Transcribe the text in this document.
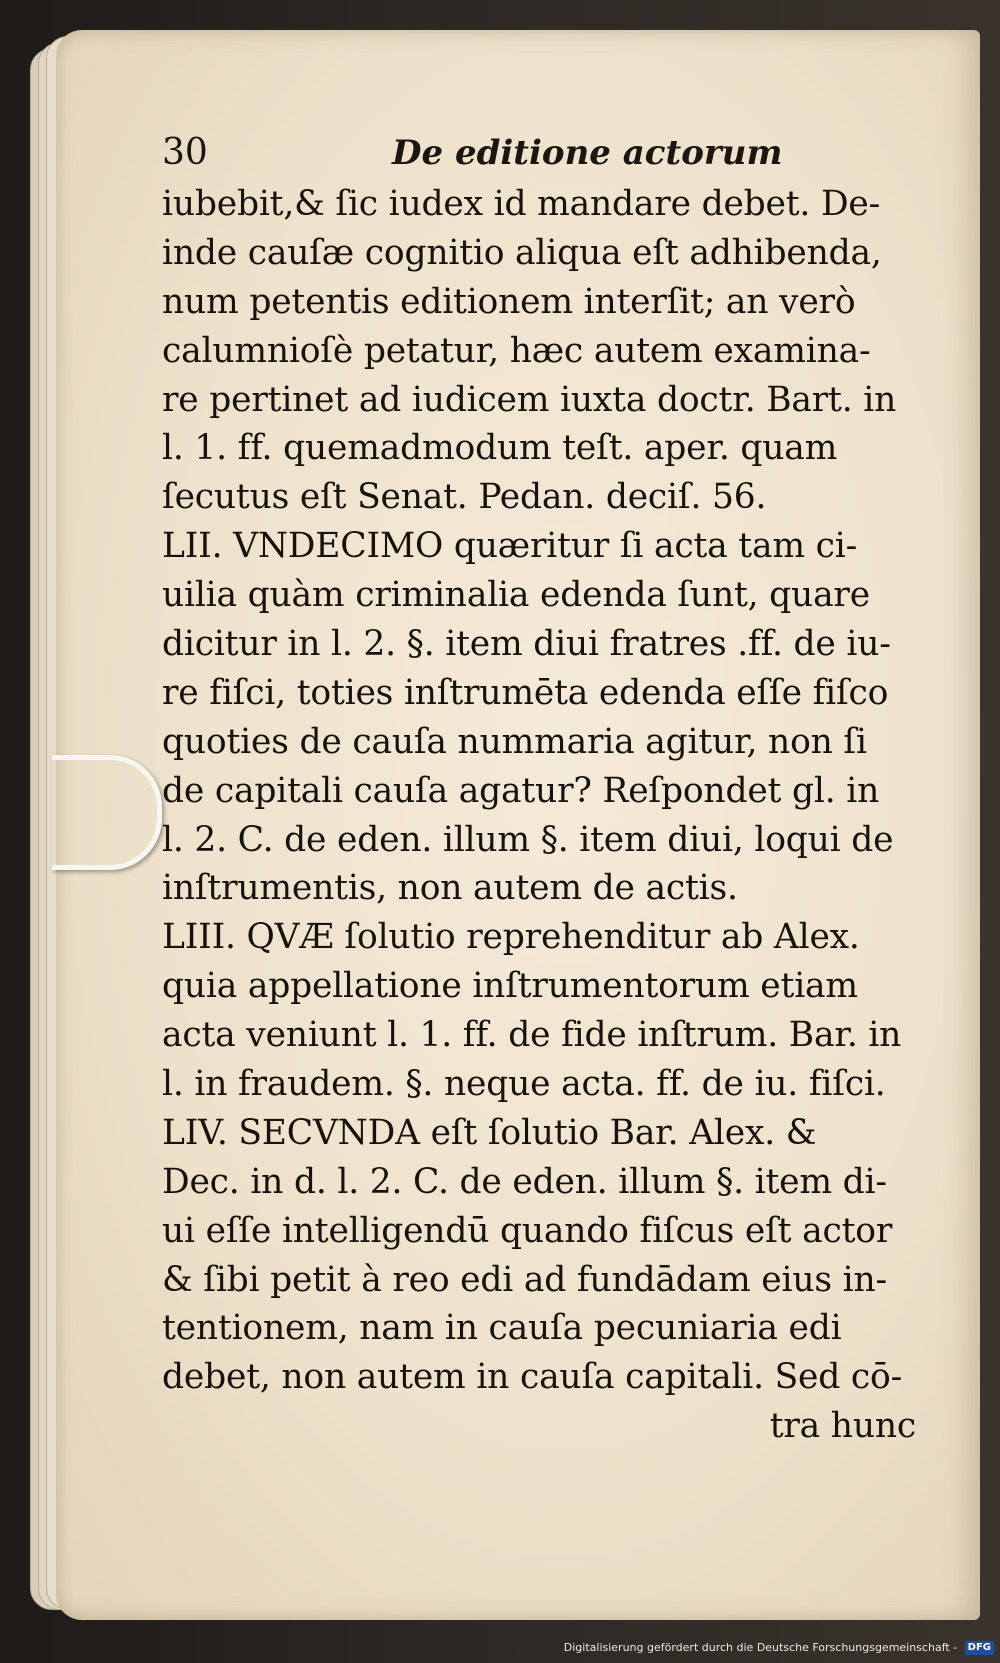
30	De editione actorum
iubebit,& ſic iudex id mandare debet. De-
inde cauſæ cognitio aliqua eſt adhibenda,
num petentis editionem interſit; an verò
calumnioſè petatur, hæc autem examina-
re pertinet ad iudicem iuxta doctr. Bart. in
l. 1. ff. quemadmodum teſt. aper. quam
ſecutus eſt Senat. Pedan. deciſ. 56.
LII. VNDECIMO quæritur ſi acta tam ci-
uilia quàm criminalia edenda ſunt, quare
dicitur in l. 2. §. item diui fratres .ff. de iu-
re fiſci, toties inſtrumēta edenda eſſe fiſco
quoties de cauſa nummaria agitur, non ſi
de capitali cauſa agatur? Reſpondet gl. in
l. 2. C. de eden. illum §. item diui, loqui de
inſtrumentis, non autem de actis.
LIII. QVÆ ſolutio reprehenditur ab Alex.
quia appellatione inſtrumentorum etiam
acta veniunt l. 1. ff. de fide inſtrum. Bar. in
l. in fraudem. §. neque acta. ff. de iu. fiſci.
LIV. SECVNDA eſt ſolutio Bar. Alex. &
Dec. in d. l. 2. C. de eden. illum §. item di-
ui eſſe intelligendū quando fiſcus eſt actor
& ſibi petit à reo edi ad fundādam eius in-
tentionem, nam in cauſa pecuniaria edi
debet, non autem in cauſa capitali. Sed cō-
tra hunc
Digitalisierung gefördert durch die Deutsche Forschungsgemeinschaft - DFG
